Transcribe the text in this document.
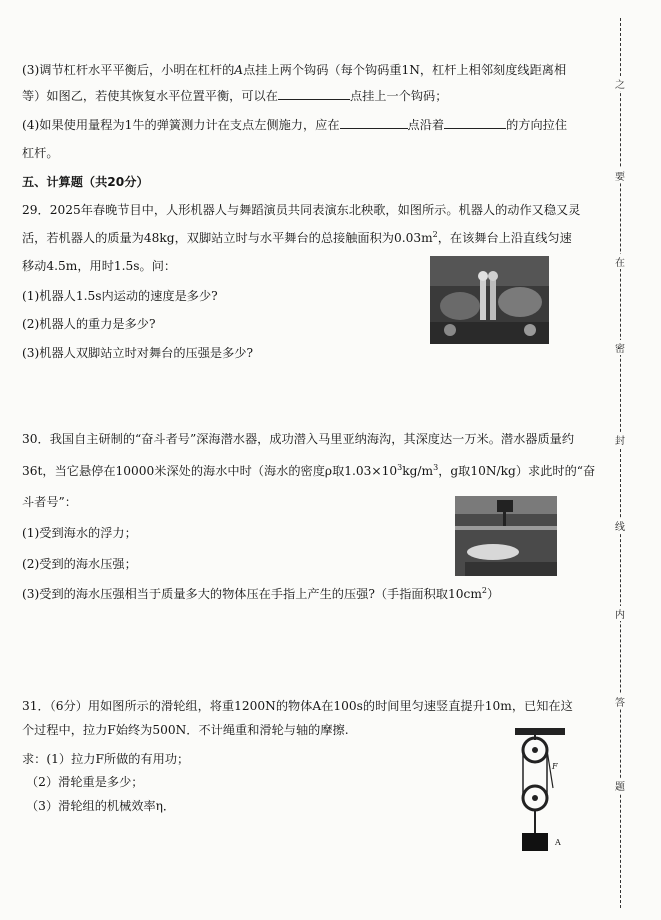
(3)调节杠杆水平平衡后，小明在杠杆的A点挂上两个钩码（每个钩码重1N，杠杆上相邻刻度线距离相
等）如图乙，若使其恢复水平位置平衡，可以在	点挂上一个钩码；
(4)如果使用量程为1牛的弹簧测力计在支点左侧施力，应在	点沿着	的方向拉住
杠杆。
五、计算题（共20分）
29．2025年春晚节目中，人形机器人与舞蹈演员共同表演东北秧歌，如图所示。机器人的动作又稳又灵
活，若机器人的质量为48kg，双脚站立时与水平舞台的总接触面积为$0.03m^2$，在该舞台上沿直线匀速
移动4.5m，用时1.5s。问：
(1)机器人1.5s内运动的速度是多少?
(2)机器人的重力是多少?
(3)机器人双脚站立时对舞台的压强是多少?
30．我国自主研制的“奋斗者号”深海潜水器，成功潜入马里亚纳海沟，其深度达一万米。潜水器质量约
36t，当它悬停在10000米深处的海水中时（海水的密度ρ取$1.03\times 10^3kg/m^3$，g取10N/kg）求此时的“奋
斗者号”：
(1)受到海水的浮力；
(2)受到的海水压强；
(3)受到的海水压强相当于质量多大的物体压在手指上产生的压强?（手指面积取$10cm^2$）
31．（6分）用如图所示的滑轮组，将重1200N的物体A在100s的时间里匀速竖直提升10m，已知在这
个过程中，拉力F始终为500N．不计绳重和滑轮与轴的摩擦.
求：(1）拉力F所做的有用功；
（2）滑轮重是多少；
（3）滑轮组的机械效率η．
F
A
之
要
在
密
封
线
内
答
题
